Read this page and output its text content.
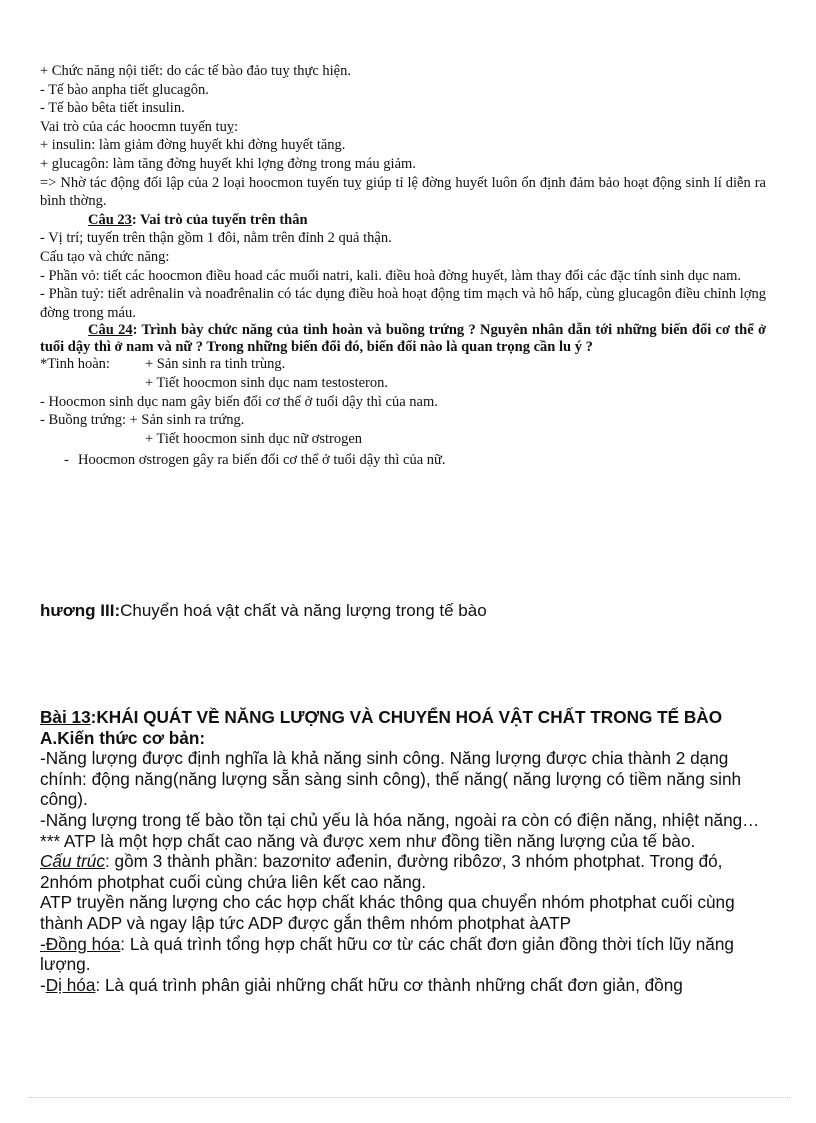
+ Chức năng nội tiết: do các tế bào đảo tuỵ thực hiện.
- Tế bào anpha tiết glucagôn.
- Tế bào bêta tiết insulin.
Vai trò của các hoocmn tuyến tuỵ:
+ insulin: làm giảm đờng huyết khi đờng huyết tăng.
+ glucagôn: làm tăng đờng huyết khi lợng đờng trong máu giảm.
=> Nhờ tác động đối lập của 2 loại hoocmon tuyến tuỵ giúp tỉ lệ đờng huyết luôn ổn định đảm bảo hoạt động sinh lí diễn ra bình thờng.
Câu 23: Vai trò của tuyến trên thân
- Vị trí; tuyến trên thận gồm 1 đôi, nằm trên đỉnh 2 quả thận.
Cấu tạo và chức năng:
- Phần vỏ: tiết các hoocmon điều hoad các muối natri, kali. điều hoà đờng huyết, làm thay đổi các đặc tính sinh dục nam.
- Phần tuỷ: tiết adrênalin và noađrênalin có tác dụng điều hoà hoạt động tim mạch và hô hấp, cùng glucagôn điều chỉnh lợng đờng trong máu.
Câu 24: Trình bày chức năng của tinh hoàn và buồng trứng ? Nguyên nhân dẫn tới những biến đổi cơ thể ở tuổi dậy thì ở nam và nữ ? Trong những biến đổi đó, biến đổi nào là quan trọng cần lu ý ?
*Tinh hoàn: + Sản sinh ra tinh trùng.
+ Tiết hoocmon sinh dục nam testosteron.
- Hoocmon sinh dục nam gây biến đổi cơ thể ở tuổi dậy thì của nam.
- Buồng trứng: + Sản sinh ra trứng.
+ Tiết hoocmon sinh dục nữ ơstrogen
- Hoocmon ơstrogen gây ra biến đổi cơ thể ở tuổi dậy thì của nữ.
hương III:Chuyển hoá vật chất và năng lượng trong tế bào
Bài 13:KHÁI QUÁT VỀ NĂNG LƯỢNG VÀ CHUYỂN HOÁ VẬT CHẤT TRONG TẾ BÀO
A.Kiến thức cơ bản:
-Năng lượng được định nghĩa là khả năng sinh công. Năng lượng được chia thành 2 dạng chính: động năng(năng lượng sẵn sàng sinh công), thế năng( năng lượng có tiềm năng sinh công).
-Năng lượng trong tế bào tồn tại chủ yếu là hóa năng, ngoài ra còn có điện năng, nhiệt năng…
*** ATP là một hợp chất cao năng và được xem như đồng tiền năng lượng của tế bào.
Cấu trúc: gồm 3 thành phần: bazơnitơ ađenin, đường ribôzơ, 3 nhóm photphat. Trong đó, 2nhóm photphat cuối cùng chứa liên kết cao năng.
ATP truyền năng lượng cho các hợp chất khác thông qua chuyển nhóm photphat cuối cùng thành ADP và ngay lập tức ADP được gắn thêm nhóm photphat àATP
-Đồng hóa: Là quá trình tổng hợp chất hữu cơ từ các chất đơn giản đồng thời tích lũy năng lượng.
-Dị hóa: Là quá trình phân giải những chất hữu cơ thành những chất đơn giản, đồng
